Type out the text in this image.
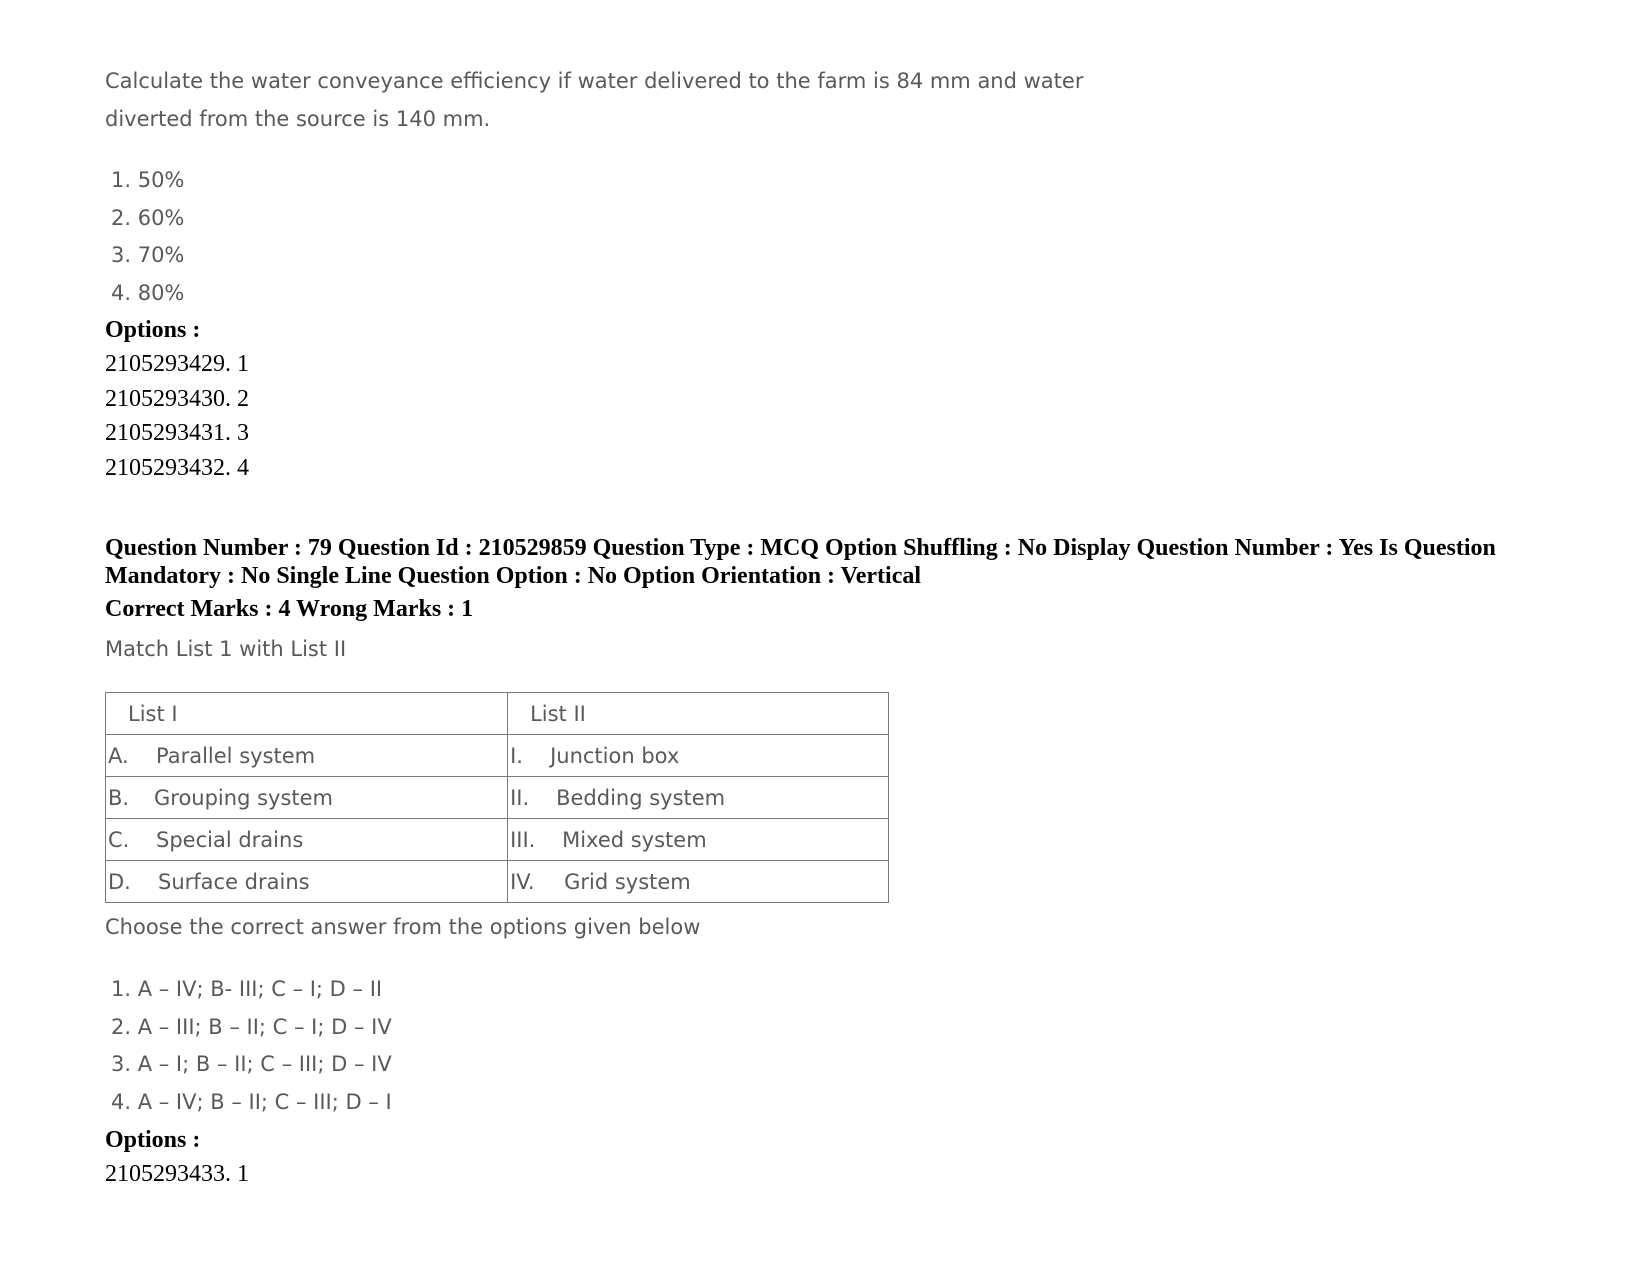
Calculate the water conveyance efficiency if water delivered to the farm is 84 mm and water
diverted from the source is 140 mm.
1. 50%
2. 60%
3. 70%
4. 80%
Options :
2105293429. 1
2105293430. 2
2105293431. 3
2105293432. 4
Question Number : 79 Question Id : 210529859 Question Type : MCQ Option Shuffling : No Display Question Number : Yes Is Question
Mandatory : No Single Line Question Option : No Option Orientation : Vertical
Correct Marks : 4 Wrong Marks : 1
Match List 1 with List II
List I	List II
A. Parallel system	I. Junction box
B. Grouping system	II. Bedding system
C. Special drains	III. Mixed system
D. Surface drains	IV. Grid system
Choose the correct answer from the options given below
1. A – IV; B- III; C – I; D – II
2. A – III; B – II; C – I; D – IV
3. A – I; B – II; C – III; D – IV
4. A – IV; B – II; C – III; D – I
Options :
2105293433. 1
